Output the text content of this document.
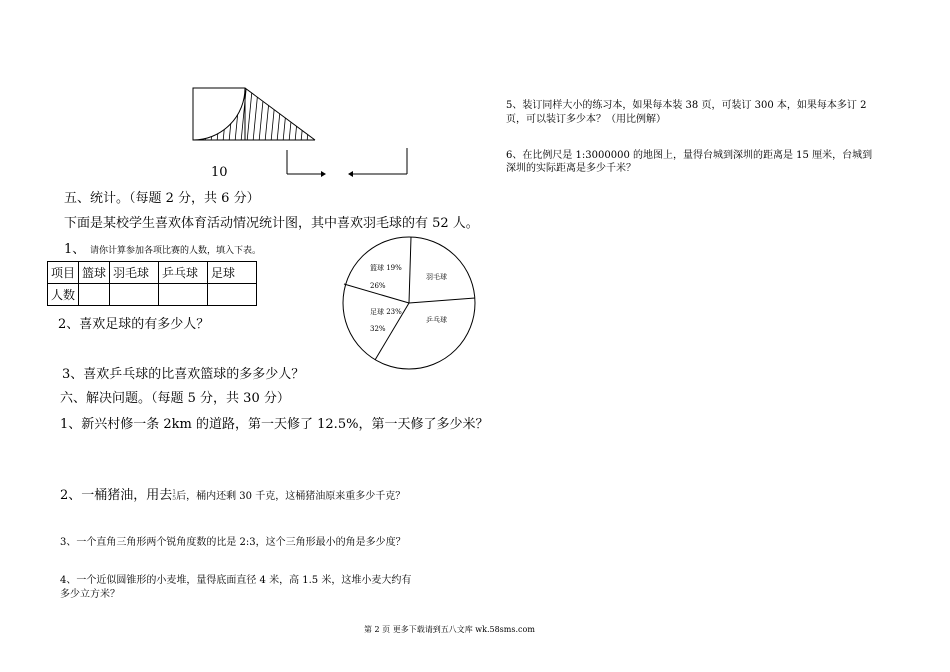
10
五、统计。（每题 2 分，共 6 分）
下面是某校学生喜欢体育活动情况统计图，其中喜欢羽毛球的有 52 人。
1、 请你计算参加各项比赛的人数，填入下表。
项目	篮球	羽毛球	乒乓球	足球
人数				
2、喜欢足球的有多少人？
3、喜欢乒乓球的比喜欢篮球的多多少人？
篮球 19%
26%
羽毛球
足球 23%
32%
乒乓球
六、解决问题。（每题 5 分，共 30 分）
1、新兴村修一条 2km 的道路，第一天修了 12.5%，第一天修了多少米？
2、一桶猪油，用去 1
5 后，桶内还剩 30 千克，这桶猪油原来重多少千克？
3、一个直角三角形两个锐角度数的比是 2:3，这个三角形最小的角是多少度？
4、一个近似圆锥形的小麦堆，量得底面直径 4 米，高 1.5 米，这堆小麦大约有
多少立方米？
5、装订同样大小的练习本，如果每本装 38 页，可装订 300 本，如果每本多订 2
页，可以装订多少本？（用比例解）
6、在比例尺是 1:3000000 的地图上，量得台城到深圳的距离是 15 厘米，台城到
深圳的实际距离是多少千米？
第 2 页 更多下载请到五八文库 wk.58sms.com
